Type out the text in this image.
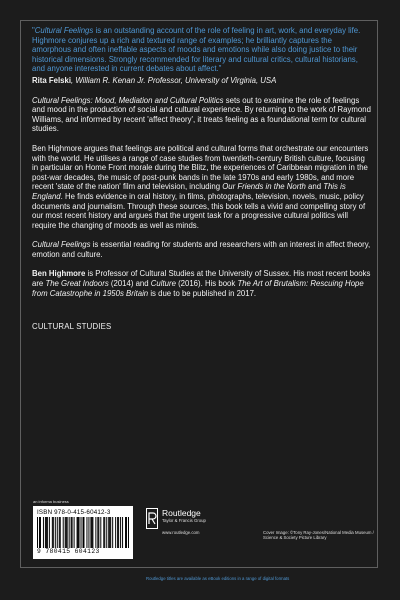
"Cultural Feelings is an outstanding account of the role of feeling in art, work, and everyday life. Highmore conjures up a rich and textured range of examples; he brilliantly captures the amorphous and often ineffable aspects of moods and emotions while also doing justice to their historical dimensions. Strongly recommended for literary and cultural critics, cultural historians, and anyone interested in current debates about affect."

Rita Felski, William R. Kenan Jr. Professor, University of Virginia, USA

Cultural Feelings: Mood, Mediation and Cultural Politics sets out to examine the role of feelings and mood in the production of social and cultural experience. By returning to the work of Raymond Williams, and informed by recent 'affect theory', it treats feeling as a foundational term for cultural studies.

Ben Highmore argues that feelings are political and cultural forms that orchestrate our encounters with the world. He utilises a range of case studies from twentieth-century British culture, focusing in particular on Home Front morale during the Blitz, the experiences of Caribbean migration in the post-war decades, the music of post-punk bands in the late 1970s and early 1980s, and more recent 'state of the nation' film and television, including Our Friends in the North and This is England. He finds evidence in oral history, in films, photographs, television, novels, music, policy documents and journalism. Through these sources, this book tells a vivid and compelling story of our most recent history and argues that the urgent task for a progressive cultural politics will require the changing of moods as well as minds.

Cultural Feelings is essential reading for students and researchers with an interest in affect theory, emotion and culture.

Ben Highmore is Professor of Cultural Studies at the University of Sussex. His most recent books are The Great Indoors (2014) and Culture (2016). His book The Art of Brutalism: Rescuing Hope from Catastrophe in 1950s Britain is due to be published in 2017.

CULTURAL STUDIES
an informa business
ISBN 978-0-415-60412-3
9 780415 604123
Routledge
Taylor & Francis Group
www.routledge.com	Cover Image: ©Tony Ray-Jones/National Media Museum / Science & Society Picture Library
Routledge titles are available as eBook editions in a range of digital formats
